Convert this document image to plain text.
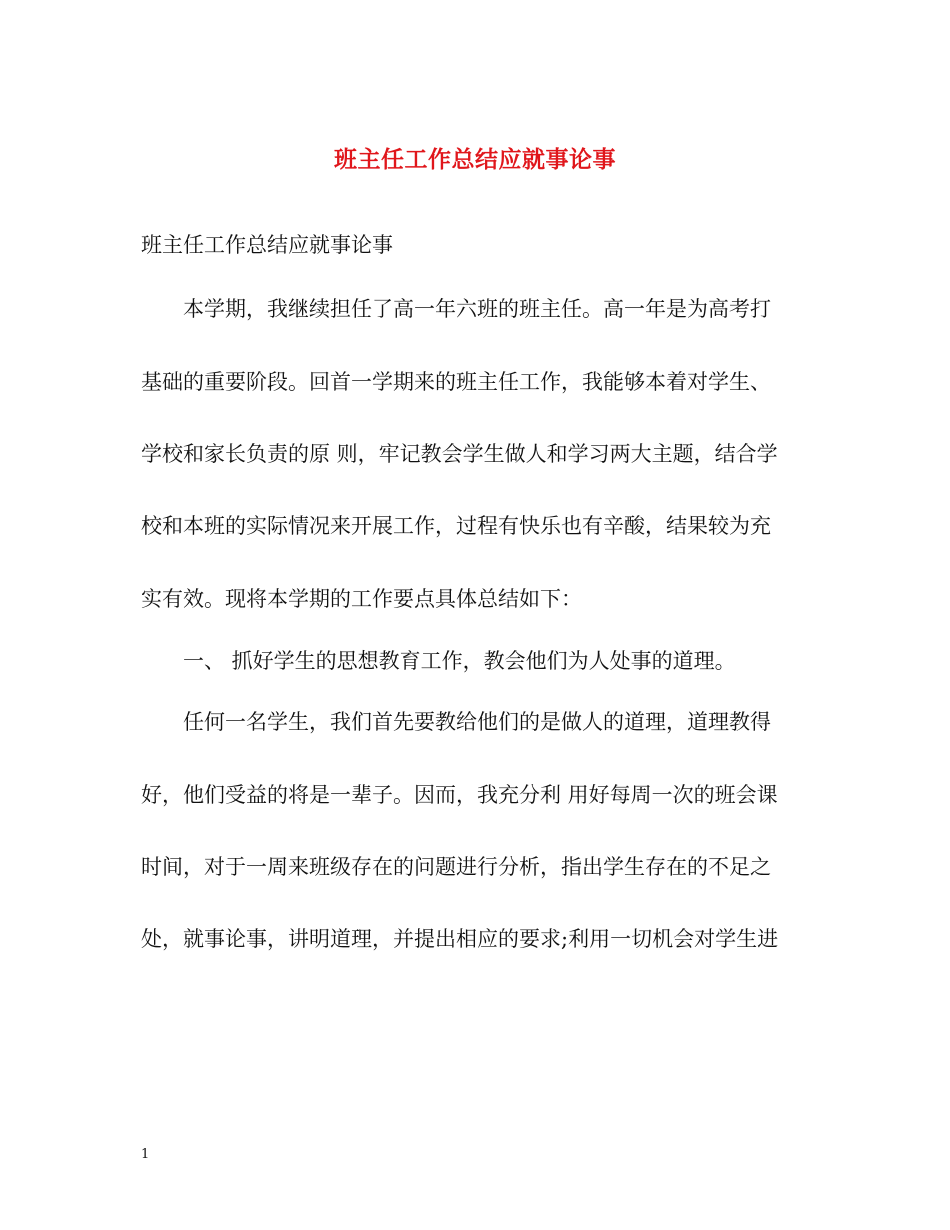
班主任工作总结应就事论事
班主任工作总结应就事论事
本学期，我继续担任了高一年六班的班主任。高一年是为高考打
基础的重要阶段。回首一学期来的班主任工作，我能够本着对学生、
学校和家长负责的原 则，牢记教会学生做人和学习两大主题，结合学
校和本班的实际情况来开展工作，过程有快乐也有辛酸，结果较为充
实有效。现将本学期的工作要点具体总结如下：
一、 抓好学生的思想教育工作，教会他们为人处事的道理。
任何一名学生，我们首先要教给他们的是做人的道理，道理教得
好，他们受益的将是一辈子。因而，我充分利 用好每周一次的班会课
时间，对于一周来班级存在的问题进行分析，指出学生存在的不足之
处，就事论事，讲明道理，并提出相应的要求;利用一切机会对学生进
1
